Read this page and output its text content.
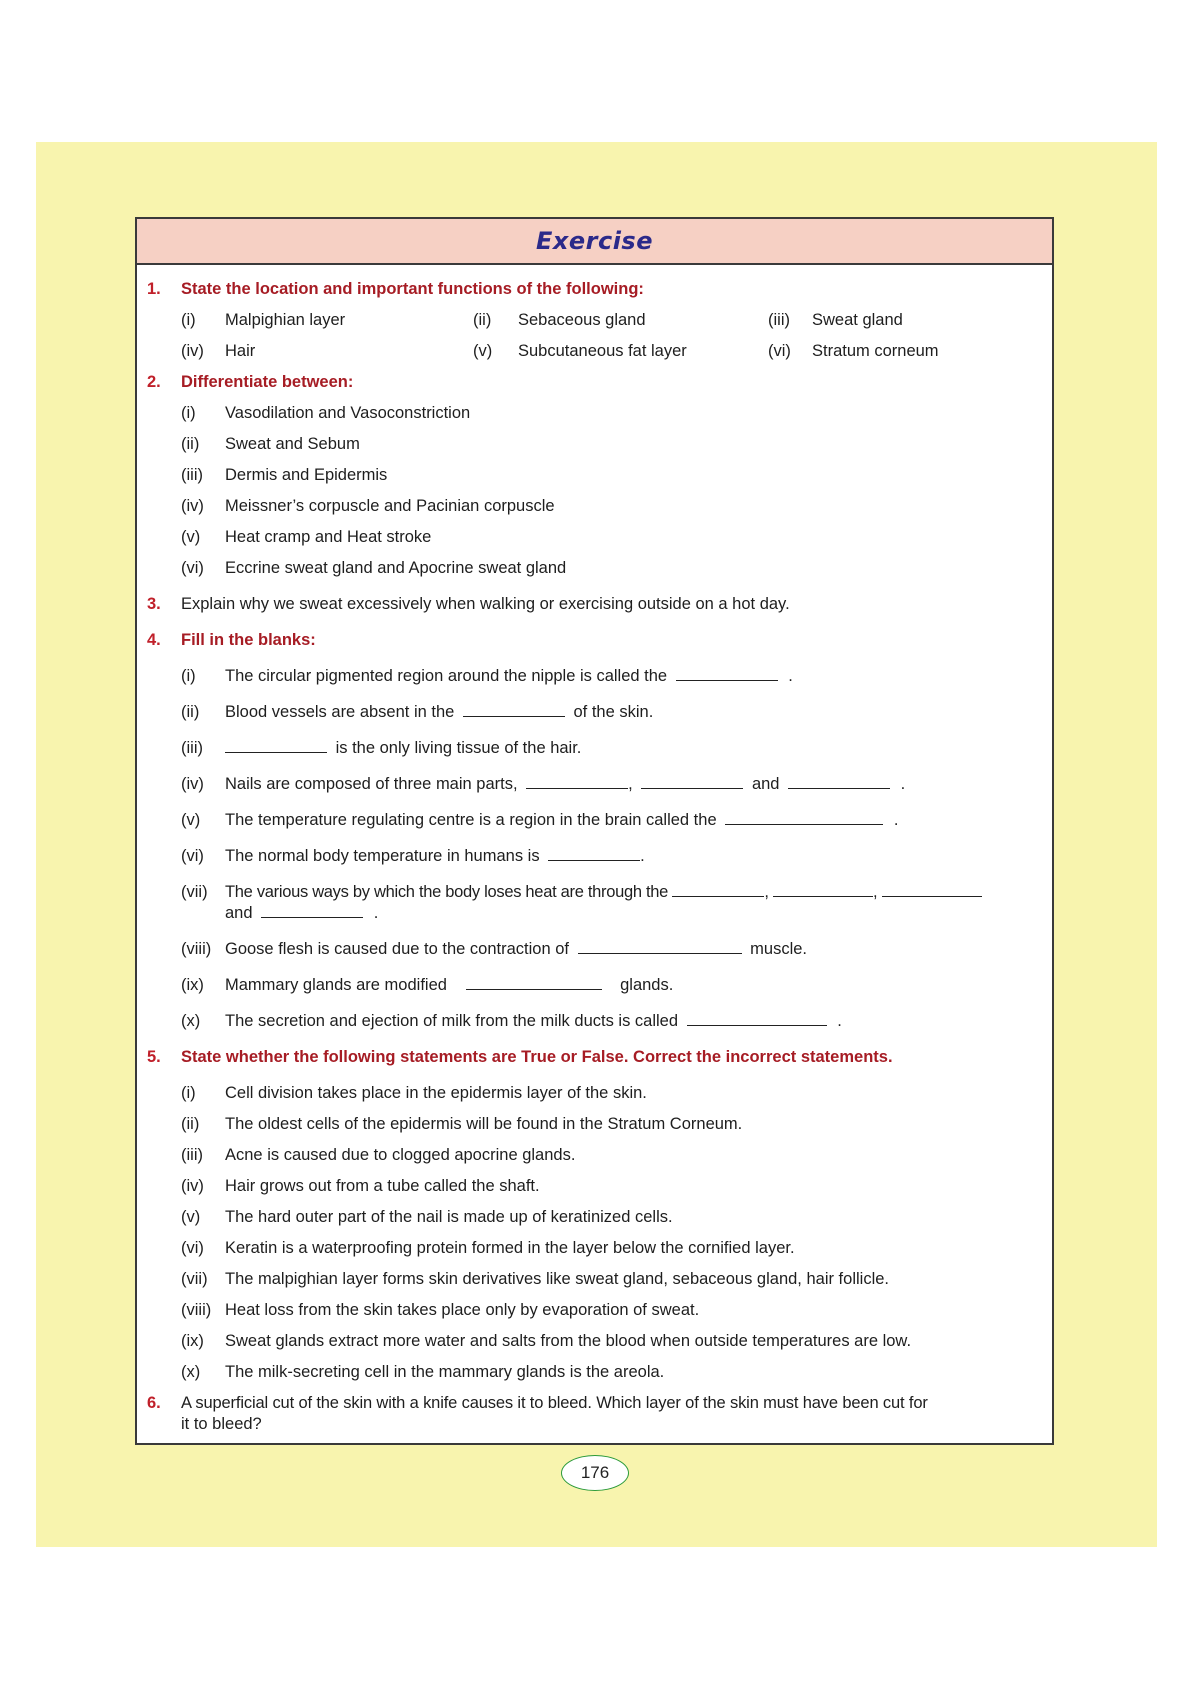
Exercise
1. State the location and important functions of the following:
(i) Malpighian layer	(ii) Sebaceous gland	(iii) Sweat gland
(iv) Hair	(v) Subcutaneous fat layer	(vi) Stratum corneum
2. Differentiate between:
(i) Vasodilation and Vasoconstriction
(ii) Sweat and Sebum
(iii) Dermis and Epidermis
(iv) Meissner’s corpuscle and Pacinian corpuscle
(v) Heat cramp and Heat stroke
(vi) Eccrine sweat gland and Apocrine sweat gland
3. Explain why we sweat excessively when walking or exercising outside on a hot day.
4. Fill in the blanks:
(i) The circular pigmented region around the nipple is called the	.
(ii) Blood vessels are absent in the	of the skin.
(iii)	is the only living tissue of the hair.
(iv) Nails are composed of three main parts,	,	and	.
(v) The temperature regulating centre is a region in the brain called the	.
(vi) The normal body temperature in humans is	.
(vii) The various ways by which the body loses heat are through the	,	,
and	.
(viii) Goose flesh is caused due to the contraction of	muscle.
(ix) Mammary glands are modified	glands.
(x) The secretion and ejection of milk from the milk ducts is called	.
5. State whether the following statements are True or False. Correct the incorrect statements.
(i) Cell division takes place in the epidermis layer of the skin.
(ii) The oldest cells of the epidermis will be found in the Stratum Corneum.
(iii) Acne is caused due to clogged apocrine glands.
(iv) Hair grows out from a tube called the shaft.
(v) The hard outer part of the nail is made up of keratinized cells.
(vi) Keratin is a waterproofing protein formed in the layer below the cornified layer.
(vii) The malpighian layer forms skin derivatives like sweat gland, sebaceous gland, hair follicle.
(viii) Heat loss from the skin takes place only by evaporation of sweat.
(ix) Sweat glands extract more water and salts from the blood when outside temperatures are low.
(x) The milk-secreting cell in the mammary glands is the areola.
6. A superficial cut of the skin with a knife causes it to bleed. Which layer of the skin must have been cut for
it to bleed?
176
